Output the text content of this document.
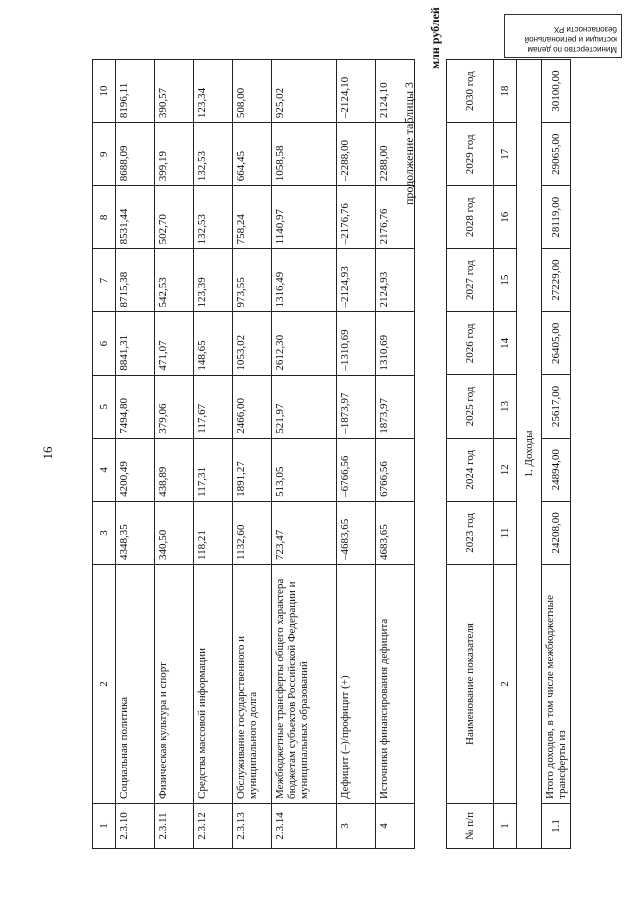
16
1	2	3	4	5	6	7	8	9	10
2.3.10	Социальная политика	4348,35	4200,49	7494,80	8841,31	8715,38	8531,44	8688,09	8196,11
2.3.11	Физическая культура и спорт	340,50	438,89	379,06	471,07	542,53	502,70	399,19	390,57
2.3.12	Средства массовой информации	118,21	117,31	117,67	148,65	123,39	132,53	132,53	123,34
2.3.13	Обслуживание государственного и муниципального долга	1132,60	1891,27	2466,00	1053,02	973,55	758,24	664,45	508,00
2.3.14	Межбюджетные трансферты общего характера бюджетам субъектов Российской Федерации и муниципальных образований	723,47	513,05	521,97	2612,30	1316,49	1140,97	1058,58	925,02
3	Дефицит (–)/профицит (+)	–4683,65	–6766,56	–1873,97	–1310,69	–2124,93	–2176,76	–2288,00	–2124,10
4	Источники финансирования дефицита	4683,65	6766,56	1873,97	1310,69	2124,93	2176,76	2288,00	2124,10 продолжение таблицы 3
млн рублей
№ п/п	Наименование показателя	2023 год	2024 год	2025 год	2026 год	2027 год	2028 год	2029 год	2030 год
1	2	11	12	13	14	15	16	17	18
1. Доходы									
1.1	Итого доходов, в том числе межбюджетные трансферты из	24208,00	24894,00	25617,00	26405,00	27229,00	28119,00	29065,00	30100,00
Министерство по делам
юстиции и региональной
безопасности РХ
